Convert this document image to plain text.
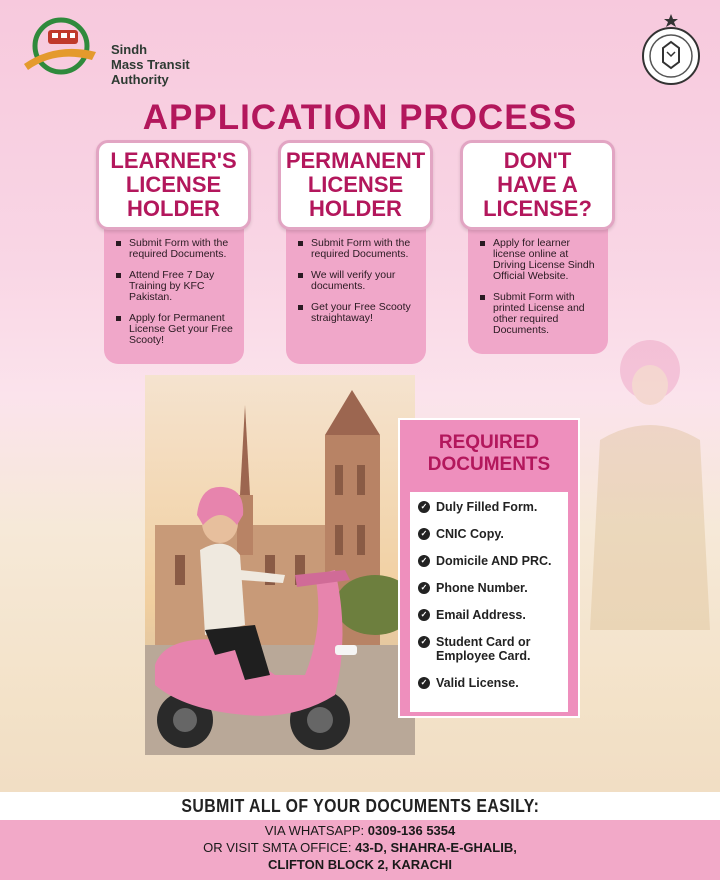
Sindh
Mass Transit
Authority
APPLICATION PROCESS
Submit Form with the required Documents.
Attend Free 7 Day Training by KFC Pakistan.
Apply for Permanent License Get your Free Scooty!
LEARNER'S
LICENSE
HOLDER
Submit Form with the required Documents.
We will verify your documents.
Get your Free Scooty straightaway!
PERMANENT
LICENSE
HOLDER
Apply for learner license online at Driving License Sindh Official Website.
Submit Form with printed License and other required Documents.
DON'T
HAVE A
LICENSE?
REQUIRED
DOCUMENTS
✓ Duly Filled Form.
✓ CNIC Copy.
✓ Domicile AND PRC.
✓ Phone Number.
✓ Email Address.
✓ Student Card or Employee Card.
✓ Valid License.
SUBMIT ALL OF YOUR DOCUMENTS EASILY:
VIA WHATSAPP: 0309-136 5354
OR VISIT SMTA OFFICE: 43-D, SHAHRA-E-GHALIB,
CLIFTON BLOCK 2, KARACHI
